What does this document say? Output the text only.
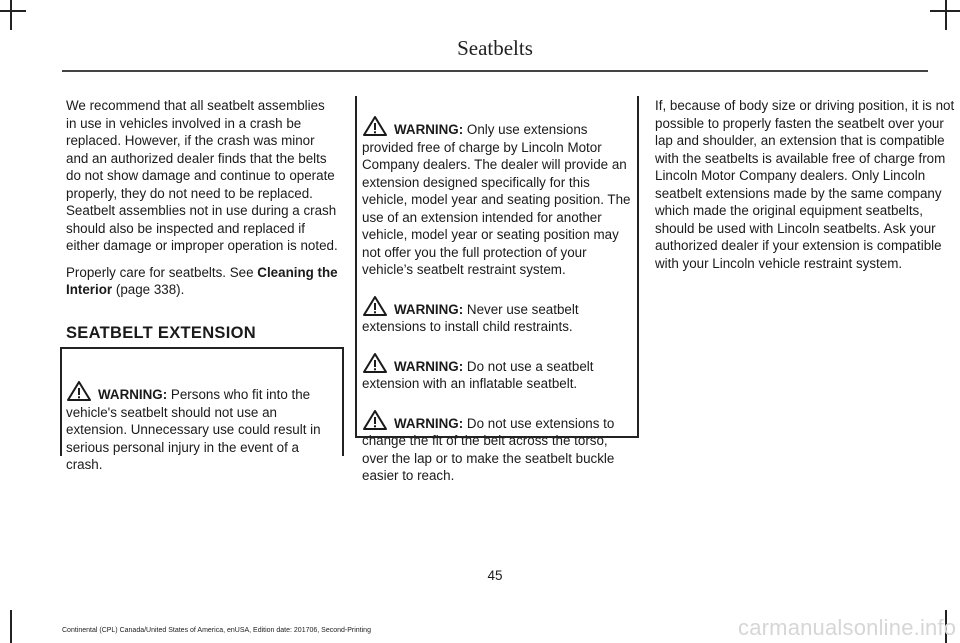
Seatbelts

We recommend that all seatbelt assemblies in use in vehicles involved in a crash be replaced. However, if the crash was minor and an authorized dealer finds that the belts do not show damage and continue to operate properly, they do not need to be replaced. Seatbelt assemblies not in use during a crash should also be inspected and replaced if either damage or improper operation is noted.

Properly care for seatbelts. See Cleaning the Interior (page 338).

SEATBELT EXTENSION
WARNING: Persons who fit into the vehicle's seatbelt should not use an extension. Unnecessary use could result in serious personal injury in the event of a crash.
WARNING: Only use extensions provided free of charge by Lincoln Motor Company dealers. The dealer will provide an extension designed specifically for this vehicle, model year and seating position. The use of an extension intended for another vehicle, model year or seating position may not offer you the full protection of your vehicle’s seatbelt restraint system.
WARNING: Never use seatbelt extensions to install child restraints.
WARNING: Do not use a seatbelt extension with an inflatable seatbelt.
WARNING: Do not use extensions to change the fit of the belt across the torso, over the lap or to make the seatbelt buckle easier to reach.

If, because of body size or driving position, it is not possible to properly fasten the seatbelt over your lap and shoulder, an extension that is compatible with the seatbelts is available free of charge from Lincoln Motor Company dealers. Only Lincoln seatbelt extensions made by the same company which made the original equipment seatbelts, should be used with Lincoln seatbelts. Ask your authorized dealer if your extension is compatible with your Lincoln vehicle restraint system.

45
Continental (CPL) Canada/United States of America, enUSA, Edition date: 201706, Second-Printing	carmanualsonline.info
